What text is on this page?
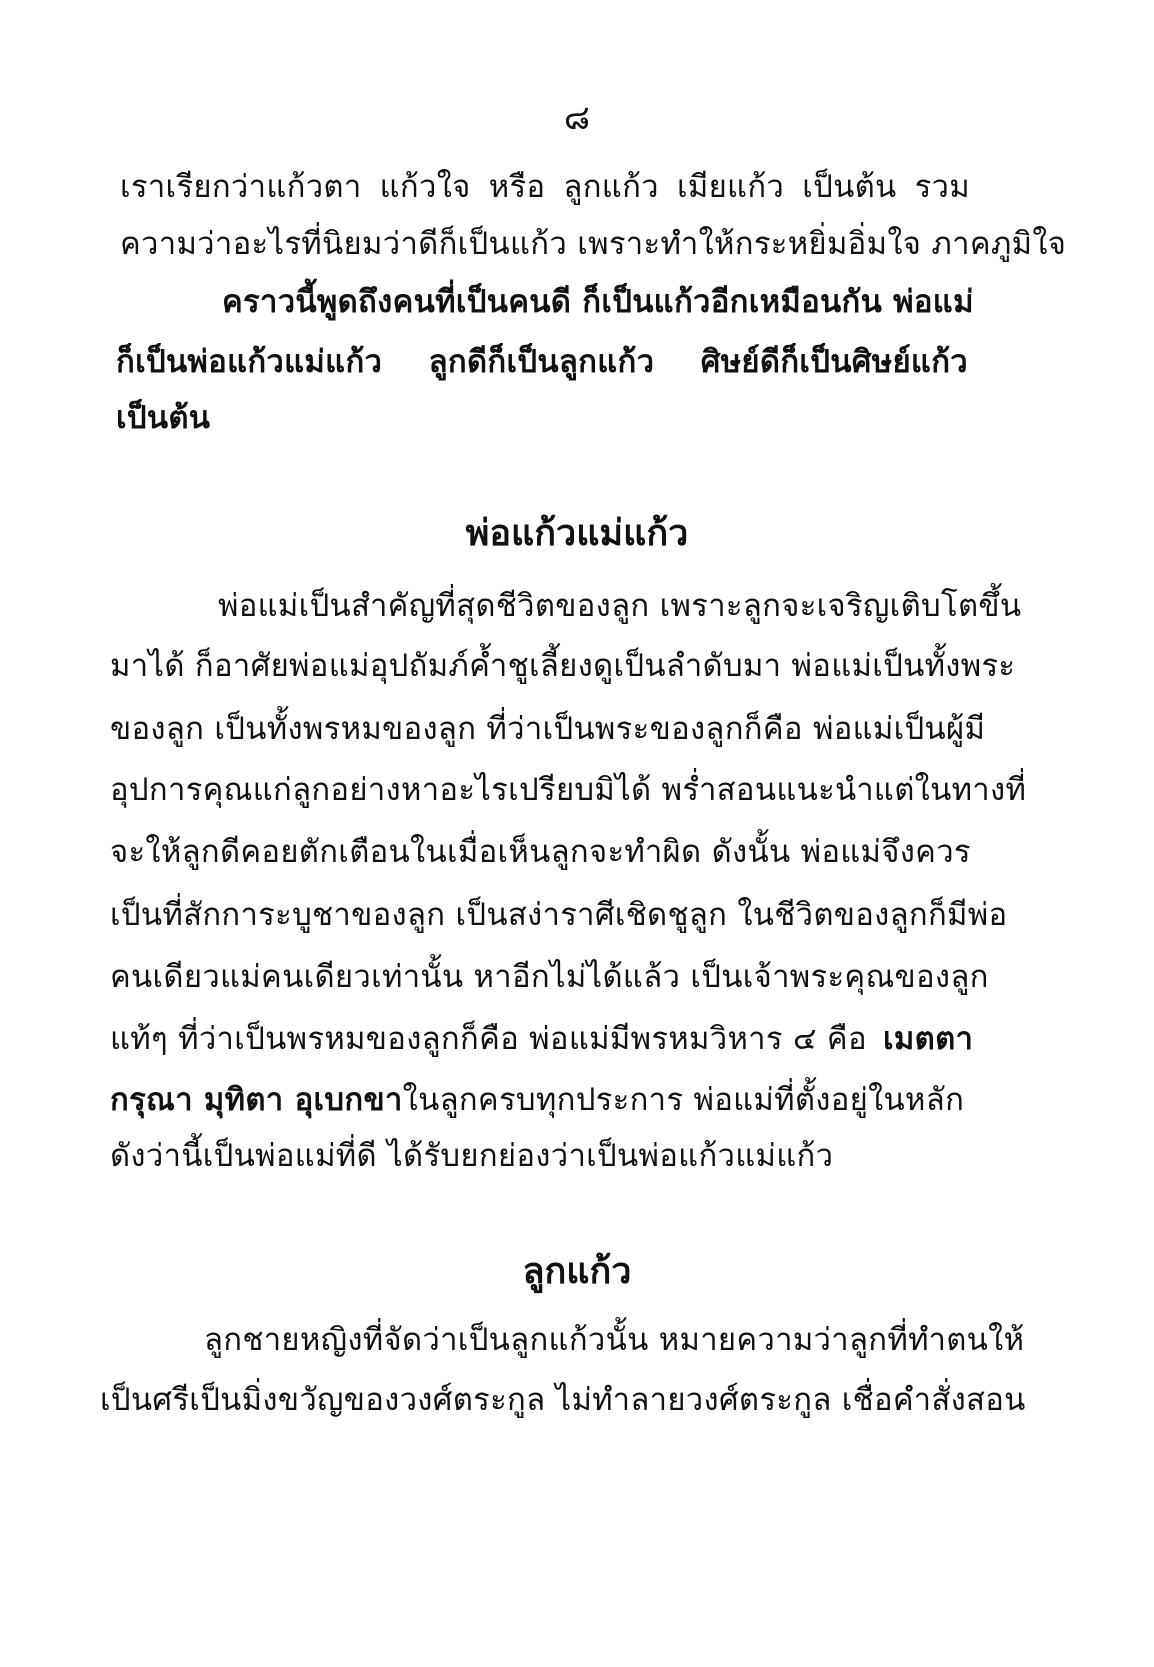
๘
เราเรียกว่าแก้วตา แก้วใจ หรือ ลูกแก้ว เมียแก้ว เป็นต้น รวม
ความว่าอะไรที่นิยมว่าดีก็เป็นแก้ว เพราะทำให้กระหยิ่มอิ่มใจ ภาคภูมิใจ
คราวนี้พูดถึงคนที่เป็นคนดี ก็เป็นแก้วอีกเหมือนกัน พ่อแม่
ก็เป็นพ่อแก้วแม่แก้ว ลูกดีก็เป็นลูกแก้ว ศิษย์ดีก็เป็นศิษย์แก้ว
เป็นต้น
พ่อแก้วแม่แก้ว
พ่อแม่เป็นสำคัญที่สุดชีวิตของลูก เพราะลูกจะเจริญเติบโตขึ้น
มาได้ ก็อาศัยพ่อแม่อุปถัมภ์ค้ำชูเลี้ยงดูเป็นลำดับมา พ่อแม่เป็นทั้งพระ
ของลูก เป็นทั้งพรหมของลูก ที่ว่าเป็นพระของลูกก็คือ พ่อแม่เป็นผู้มี
อุปการคุณแก่ลูกอย่างหาอะไรเปรียบมิได้ พร่ำสอนแนะนำแต่ในทางที่
จะให้ลูกดีคอยตักเตือนในเมื่อเห็นลูกจะทำผิด ดังนั้น พ่อแม่จึงควร
เป็นที่สักการะบูชาของลูก เป็นสง่าราศีเชิดชูลูก ในชีวิตของลูกก็มีพ่อ
คนเดียวแม่คนเดียวเท่านั้น หาอีกไม่ได้แล้ว เป็นเจ้าพระคุณของลูก
แท้ๆ ที่ว่าเป็นพรหมของลูกก็คือ พ่อแม่มีพรหมวิหาร ๔ คือ เมตตา
กรุณา มุทิตา อุเบกขาในลูกครบทุกประการ พ่อแม่ที่ตั้งอยู่ในหลัก
ดังว่านี้เป็นพ่อแม่ที่ดี ได้รับยกย่องว่าเป็นพ่อแก้วแม่แก้ว
ลูกแก้ว
ลูกชายหญิงที่จัดว่าเป็นลูกแก้วนั้น หมายความว่าลูกที่ทำตนให้
เป็นศรีเป็นมิ่งขวัญของวงศ์ตระกูล ไม่ทำลายวงศ์ตระกูล เชื่อคำสั่งสอน
